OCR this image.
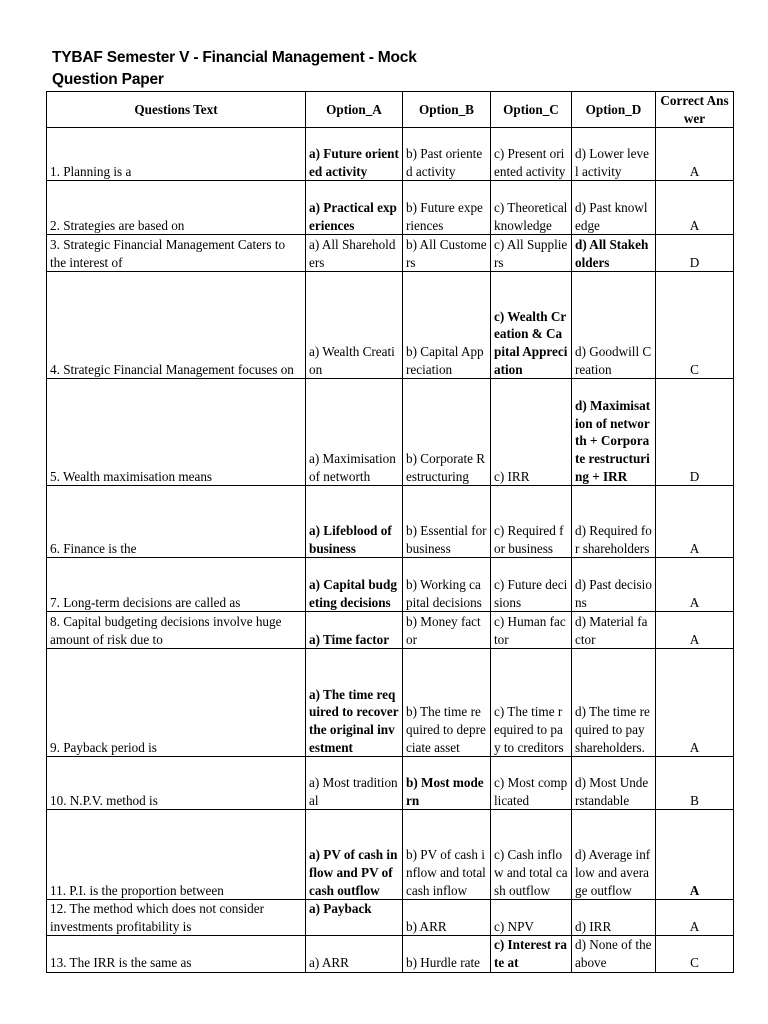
TYBAF Semester V - Financial Management - Mock
Question Paper
Questions Text	Option_A	Option_B	Option_C	Option_D	Correct Answer
1. Planning is a	a) Future oriented activity	b) Past oriented activity	c) Present oriented activity	d) Lower level activity	A
2. Strategies are based on	a) Practical experiences	b) Future experiences	c) Theoretical knowledge	d) Past knowledge	A
3. Strategic Financial Management Caters to the interest of	a) All Shareholders	b) All Customers	c) All Suppliers	d) All Stakeholders	D
4. Strategic Financial Management focuses on	a) Wealth Creation	b) Capital Appreciation	c) Wealth Creation & Capital Appreciation	d) Goodwill Creation	C
5. Wealth maximisation means	a) Maximisation of networth	b) Corporate Restructuring	c) IRR	d) Maximisation of networth + Corporate restructuring + IRR	D
6. Finance is the	a) Lifeblood of business	b) Essential for business	c) Required for business	d) Required for shareholders	A
7. Long-term decisions are called as	a) Capital budgeting decisions	b) Working capital decisions	c) Future decisions	d) Past decisions	A
8. Capital budgeting decisions involve huge amount of risk due to	a) Time factor	b) Money factor	c) Human factor	d) Material factor	A
9. Payback period is	a) The time required to recover the original investment	b) The time required to depreciate asset	c) The time required to pay to creditors	d) The time required to pay shareholders.	A
10. N.P.V. method is	a) Most traditional	b) Most modern	c) Most complicated	d) Most Understandable	B
11. P.I. is the proportion between	a) PV of cash inflow and PV of cash outflow	b) PV of cash inflow and total cash inflow	c) Cash inflow and total cash outflow	d) Average inflow and average outflow	A
12. The method which does not consider investments profitability is	a) Payback	b) ARR	c) NPV	d) IRR	A
13. The IRR is the same as	a) ARR	b) Hurdle rate	c) Interest rate at	d) None of the above	C
